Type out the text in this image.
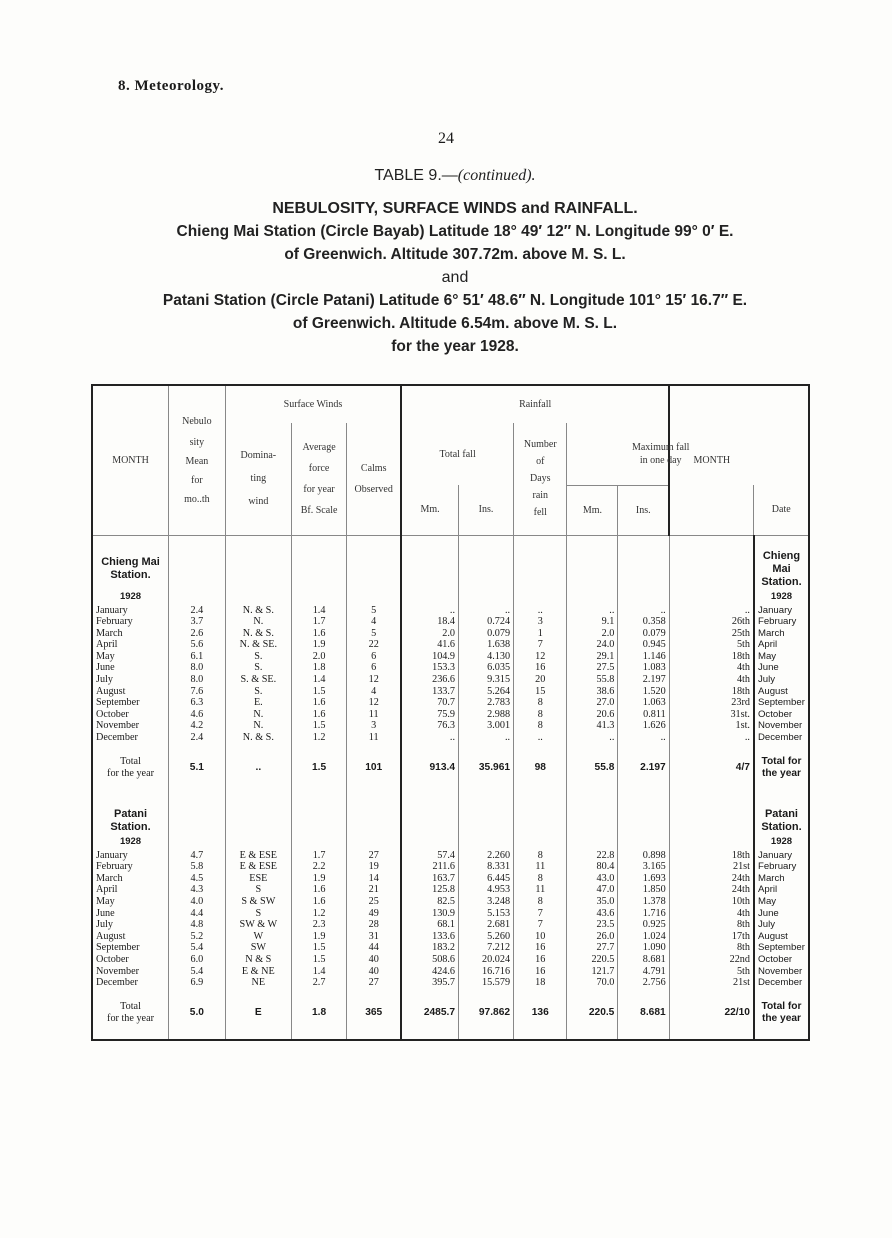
8. Meteorology.
24
TABLE 9.—(continued).
NEBULOSITY, SURFACE WINDS and RAINFALL.
Chieng Mai Station (Circle Bayab) Latitude 18° 49′ 12″ N. Longitude 99° 0′ E.
of Greenwich. Altitude 307.72m. above M. S. L.
and
Patani Station (Circle Patani) Latitude 6° 51′ 48.6″ N. Longitude 101° 15′ 16.7″ E.
of Greenwich. Altitude 6.54m. above M. S. L.
for the year 1928.
MONTH	Nebulo
sity
Mean
for
mo..th	Surface Winds			Rainfall					MONTH	

		Domina-
ting
wind	Average
force
for year
Bf. Scale	Calms
Observed	Total fall		Number
of
Days
rain
fell	Maximum fall
in one day			

					Mm.	Ins.		Mm.	Ins.		Date

Chieng Mai
Station.											Chieng Mai
Station.

1928											1928
January	2.4	N. & S.	1.4	5	..	..	..	..	..	..	January
February	3.7	N.	1.7	4	18.4	0.724	3	9.1	0.358	26th	February
March	2.6	N. & S.	1.6	5	2.0	0.079	1	2.0	0.079	25th	March
April	5.6	N. & SE.	1.9	22	41.6	1.638	7	24.0	0.945	5th	April
May	6.1	S.	2.0	6	104.9	4.130	12	29.1	1.146	18th	May
June	8.0	S.	1.8	6	153.3	6.035	16	27.5	1.083	4th	June
July	8.0	S. & SE.	1.4	12	236.6	9.315	20	55.8	2.197	4th	July
August	7.6	S.	1.5	4	133.7	5.264	15	38.6	1.520	18th	August
September	6.3	E.	1.6	12	70.7	2.783	8	27.0	1.063	23rd	September
October	4.6	N.	1.6	11	75.9	2.988	8	20.6	0.811	31st.	October
November	4.2	N.	1.5	3	76.3	3.001	8	41.3	1.626	1st.	November
December	2.4	N. & S.	1.2	11	..	..	..	..	..	..	December

Total
for the year	5.1	..	1.5	101	913.4	35.961	98	55.8	2.197	4/7	Total for
the year

Patani
Station.											Patani
Station.

1928											1928
January	4.7	E & ESE	1.7	27	57.4	2.260	8	22.8	0.898	18th	January
February	5.8	E & ESE	2.2	19	211.6	8.331	11	80.4	3.165	21st	February
March	4.5	ESE	1.9	14	163.7	6.445	8	43.0	1.693	24th	March
April	4.3	S	1.6	21	125.8	4.953	11	47.0	1.850	24th	April
May	4.0	S & SW	1.6	25	82.5	3.248	8	35.0	1.378	10th	May
June	4.4	S	1.2	49	130.9	5.153	7	43.6	1.716	4th	June
July	4.8	SW & W	2.3	28	68.1	2.681	7	23.5	0.925	8th	July
August	5.2	W	1.9	31	133.6	5.260	10	26.0	1.024	17th	August
September	5.4	SW	1.5	44	183.2	7.212	16	27.7	1.090	8th	September
October	6.0	N & S	1.5	40	508.6	20.024	16	220.5	8.681	22nd	October
November	5.4	E & NE	1.4	40	424.6	16.716	16	121.7	4.791	5th	November
December	6.9	NE	2.7	27	395.7	15.579	18	70.0	2.756	21st	December

Total
for the year	5.0	E	1.8	365	2485.7	97.862	136	220.5	8.681	22/10	Total for
the year
